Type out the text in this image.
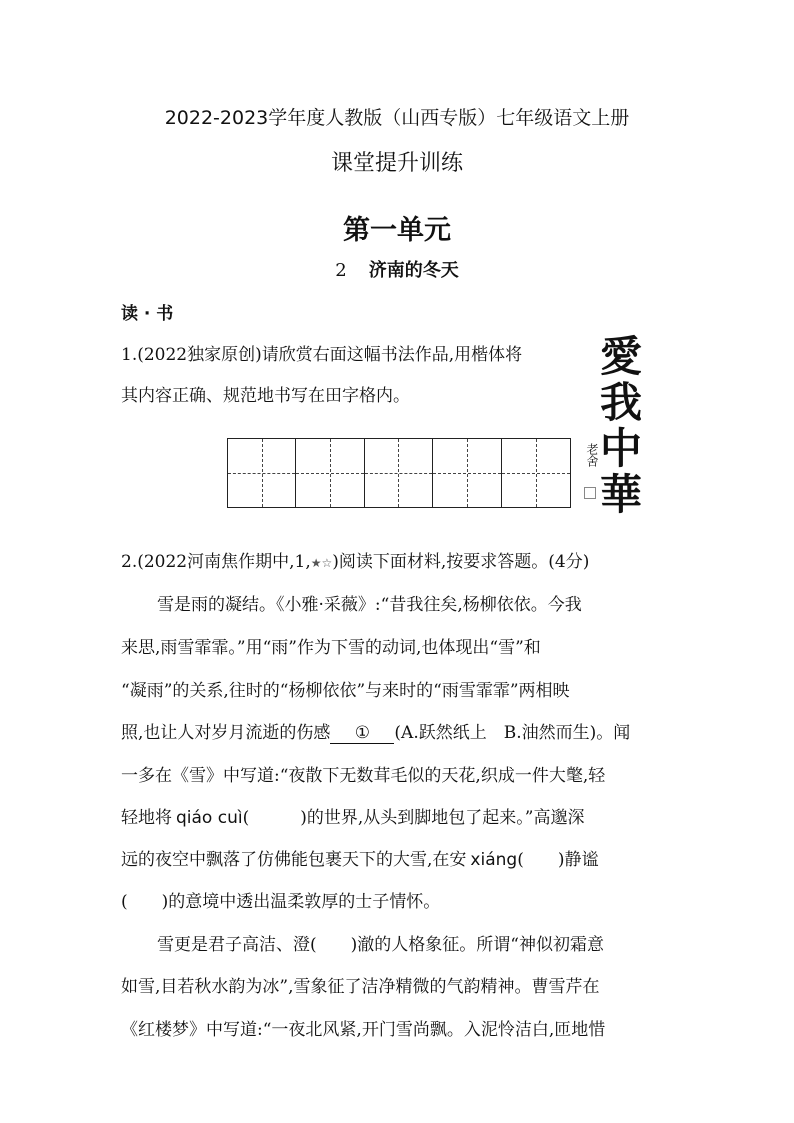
2022-2023学年度人教版（山西专版）七年级语文上册
课堂提升训练
第一单元
2 济南的冬天
读 · 书
1.(2022独家原创)请欣赏右面这幅书法作品,用楷体将
其内容正确、规范地书写在田字格内。
愛
我
中
華
老舍
2.(2022河南焦作期中,1,★☆)阅读下面材料,按要求答题。(4分)
雪是雨的凝结。《小雅·采薇》:“昔我往矣,杨柳依依。今我
来思,雨雪霏霏。”用“雨”作为下雪的动词,也体现出“雪”和
“凝雨”的关系,往时的“杨柳依依”与来时的“雨雪霏霏”两相映
照,也让人对岁月流逝的伤感 ① (A.跃然纸上　B.油然而生)。闻
一多在《雪》中写道:“夜散下无数茸毛似的天花,织成一件大氅,轻
轻地将 qiáo cuì(　　　)的世界,从头到脚地包了起来。”高邈深
远的夜空中飘落了仿佛能包裹天下的大雪,在安 xiáng(　　)静谧
(　　)的意境中透出温柔敦厚的士子情怀。
雪更是君子高洁、澄(　　)澈的人格象征。所谓“神似初霜意
如雪,目若秋水韵为冰”,雪象征了洁净精微的气韵精神。曹雪芹在
《红楼梦》中写道:“一夜北风紧,开门雪尚飘。入泥怜洁白,匝地惜
